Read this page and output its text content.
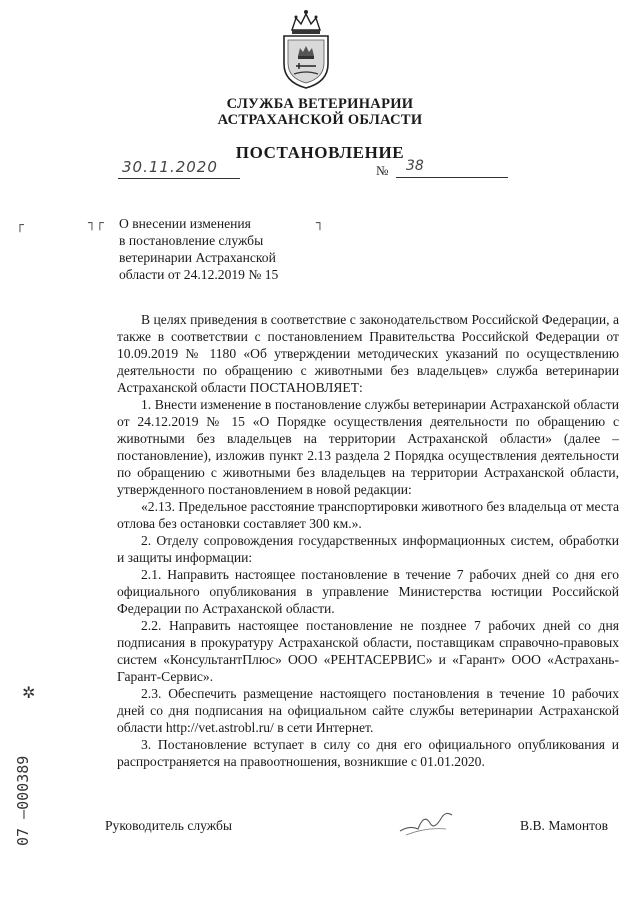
СЛУЖБА ВЕТЕРИНАРИИ
АСТРАХАНСКОЙ ОБЛАСТИ
ПОСТАНОВЛЕНИЕ
30.11.2020	№	38
┌	┐┌	┐
О внесении изменения
в постановление службы
ветеринарии Астраханской
области от 24.12.2019 № 15

В целях приведения в соответствие с законодательством Российской Федерации, а также в соответствии с постановлением Правительства Российской Федерации от 10.09.2019 № 1180 «Об утверждении методических указаний по осуществлению деятельности по обращению с животными без владельцев» служба ветеринарии Астраханской области ПОСТАНОВЛЯЕТ:

1. Внести изменение в постановление службы ветеринарии Астраханской области от 24.12.2019 № 15 «О Порядке осуществления деятельности по обращению с животными без владельцев на территории Астраханской области» (далее – постановление), изложив пункт 2.13 раздела 2 Порядка осуществления деятельности по обращению с животными без владельцев на территории Астраханской области, утвержденного постановлением в новой редакции:

«2.13. Предельное расстояние транспортировки животного без владельца от места отлова без остановки составляет 300 км.».

2. Отделу сопровождения государственных информационных систем, обработки и защиты информации:

2.1. Направить настоящее постановление в течение 7 рабочих дней со дня его официального опубликования в управление Министерства юстиции Российской Федерации по Астраханской области.

2.2. Направить настоящее постановление не позднее 7 рабочих дней со дня подписания в прокуратуру Астраханской области, поставщикам справочно-правовых систем «КонсультантПлюс» ООО «РЕНТАСЕРВИС» и «Гарант» ООО «Астрахань-Гарант-Сервис».

2.3. Обеспечить размещение настоящего постановления в течение 10 рабочих дней со дня подписания на официальном сайте службы ветеринарии Астраханской области http://vet.astrobl.ru/ в сети Интернет.

3. Постановление вступает в силу со дня его официального опубликования и распространяется на правоотношения, возникшие с 01.01.2020.

Руководитель службы	В.В. Мамонтов
✲
07 –000389
